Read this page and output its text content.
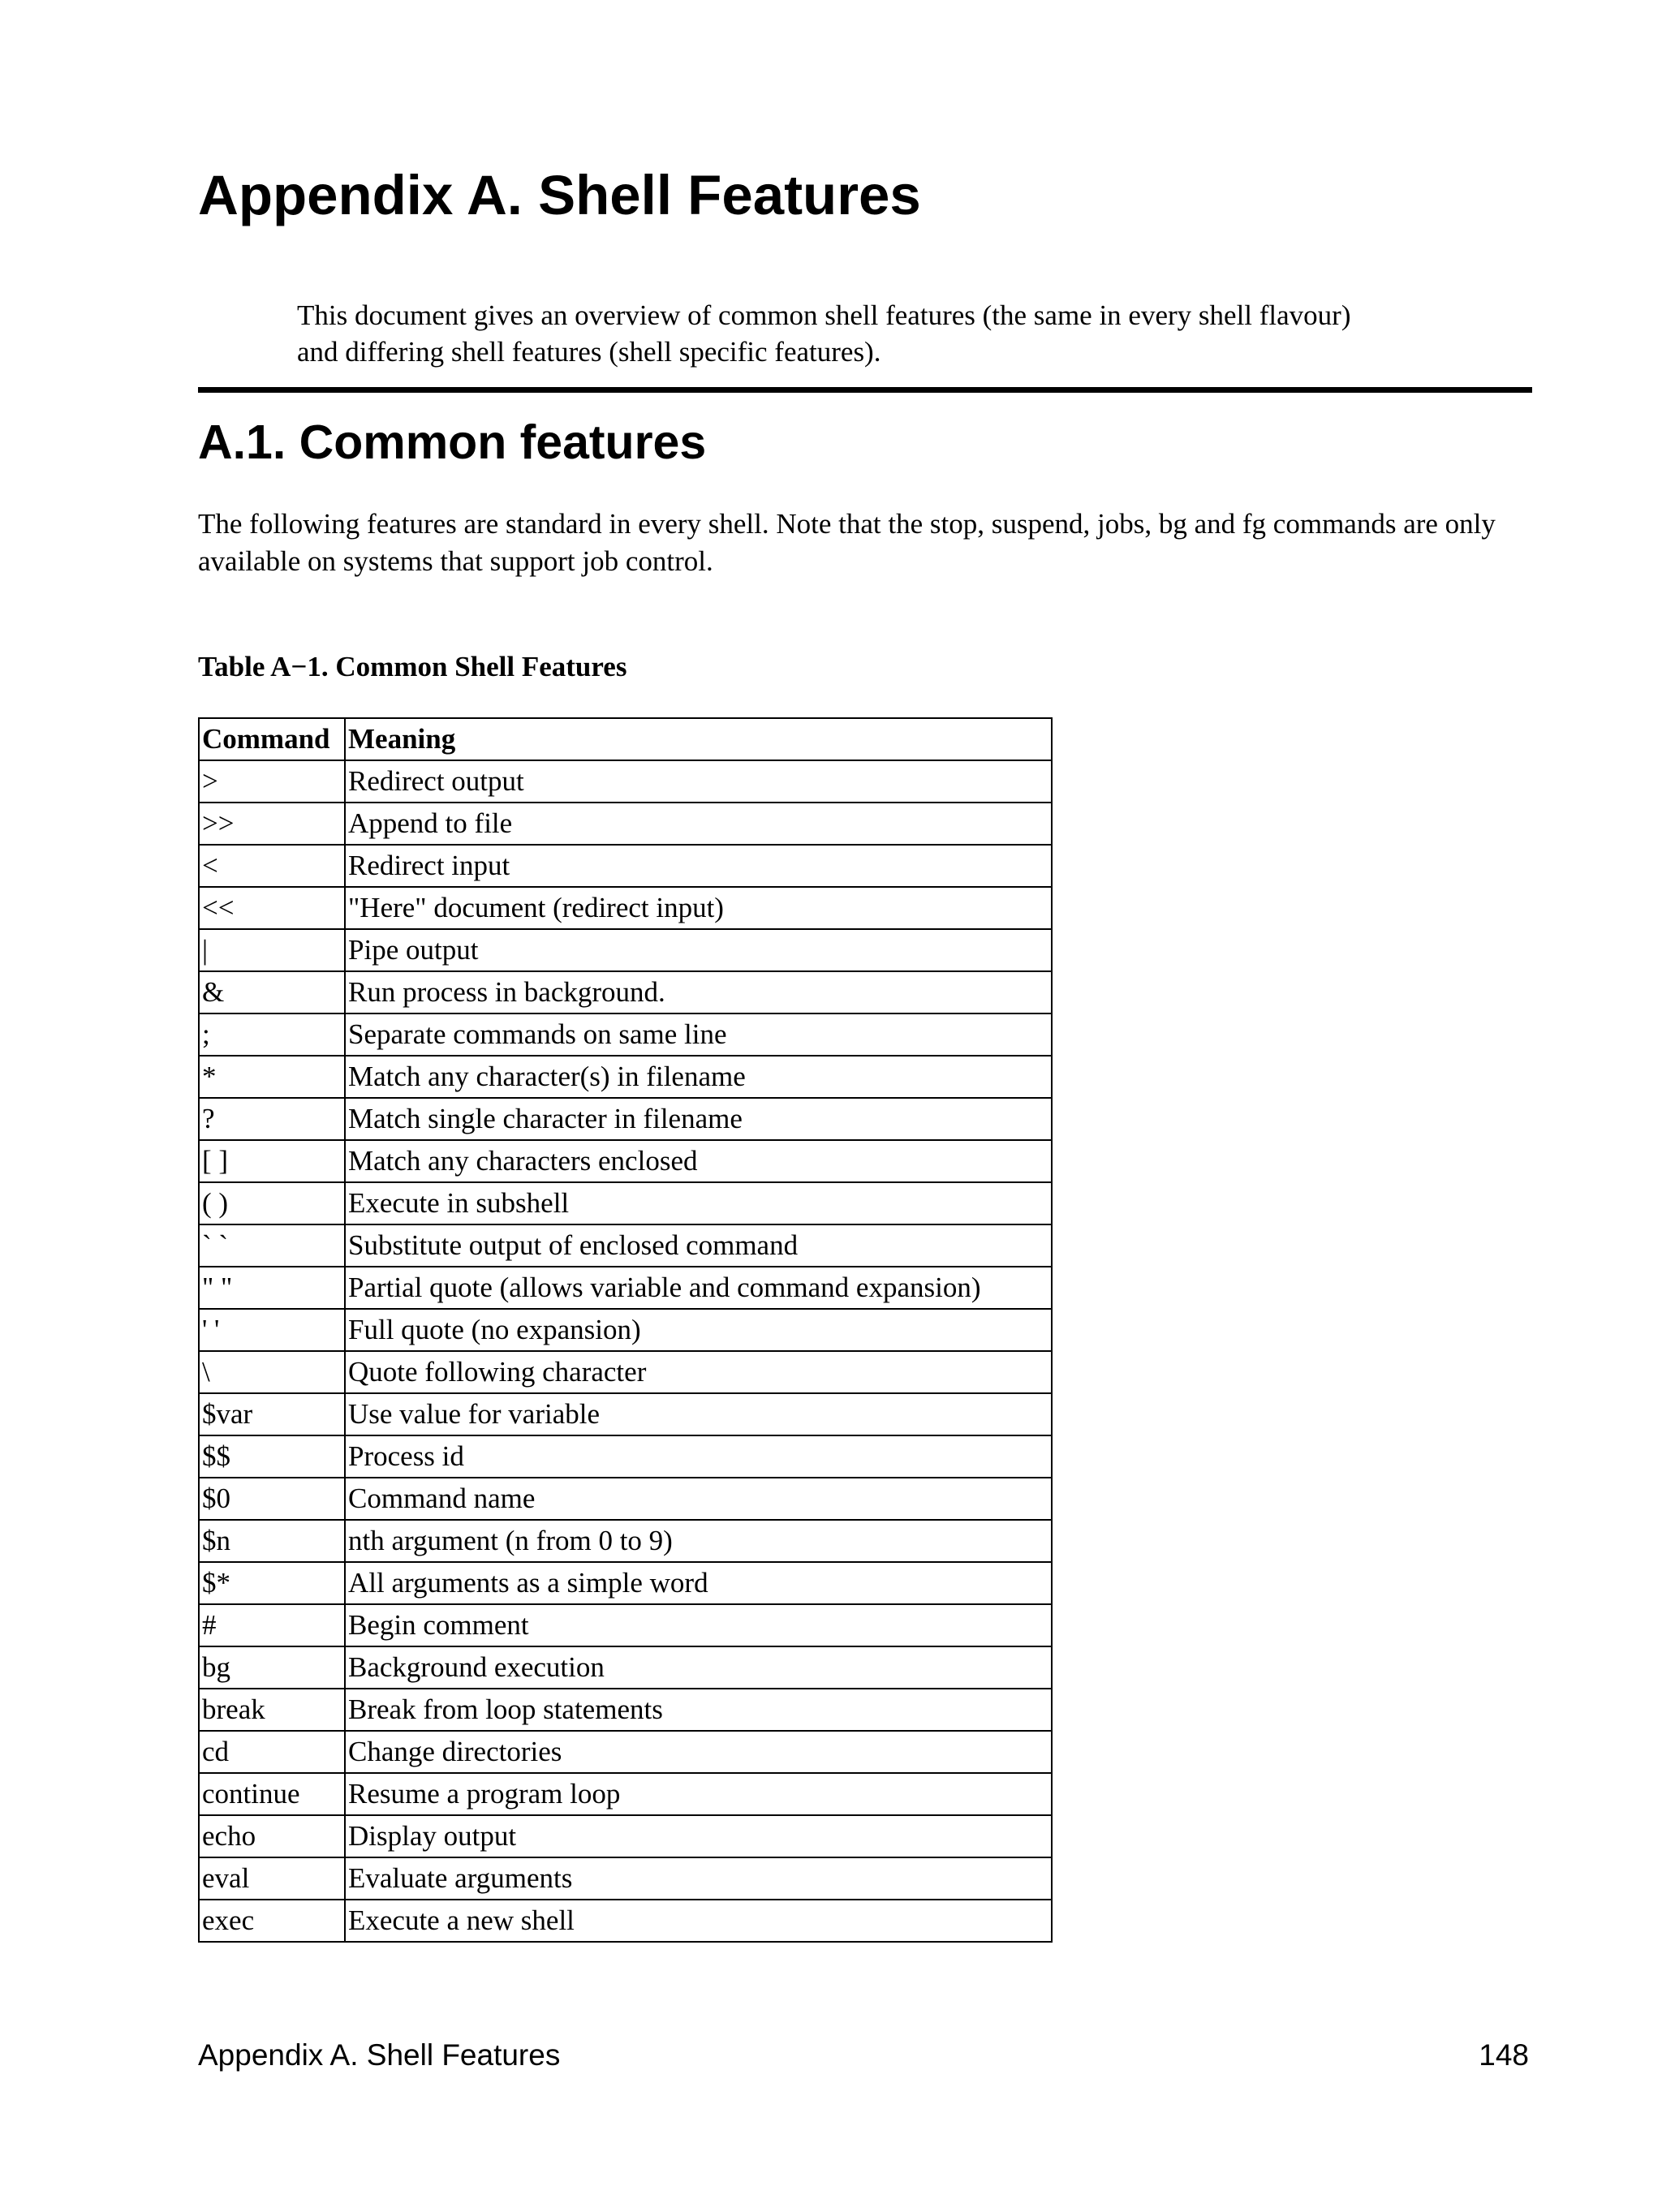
Appendix A. Shell Features

This document gives an overview of common shell features (the same in every shell flavour)

and differing shell features (shell specific features).

A.1. Common features

The following features are standard in every shell. Note that the stop, suspend, jobs, bg and fg commands are only available on systems that support job control.

Table A−1. Common Shell Features

Command	Meaning
>	Redirect output
>>	Append to file
<	Redirect input
<<	"Here" document (redirect input)
|	Pipe output
&	Run process in background.
;	Separate commands on same line
*	Match any character(s) in filename
?	Match single character in filename
[ ]	Match any characters enclosed
( )	Execute in subshell
` `	Substitute output of enclosed command
" "	Partial quote (allows variable and command expansion)
' '	Full quote (no expansion)
\	Quote following character
$var	Use value for variable
$$	Process id
$0	Command name
$n	nth argument (n from 0 to 9)
$*	All arguments as a simple word
#	Begin comment
bg	Background execution
break	Break from loop statements
cd	Change directories
continue	Resume a program loop
echo	Display output
eval	Evaluate arguments
exec	Execute a new shell
Appendix A. Shell Features	148
